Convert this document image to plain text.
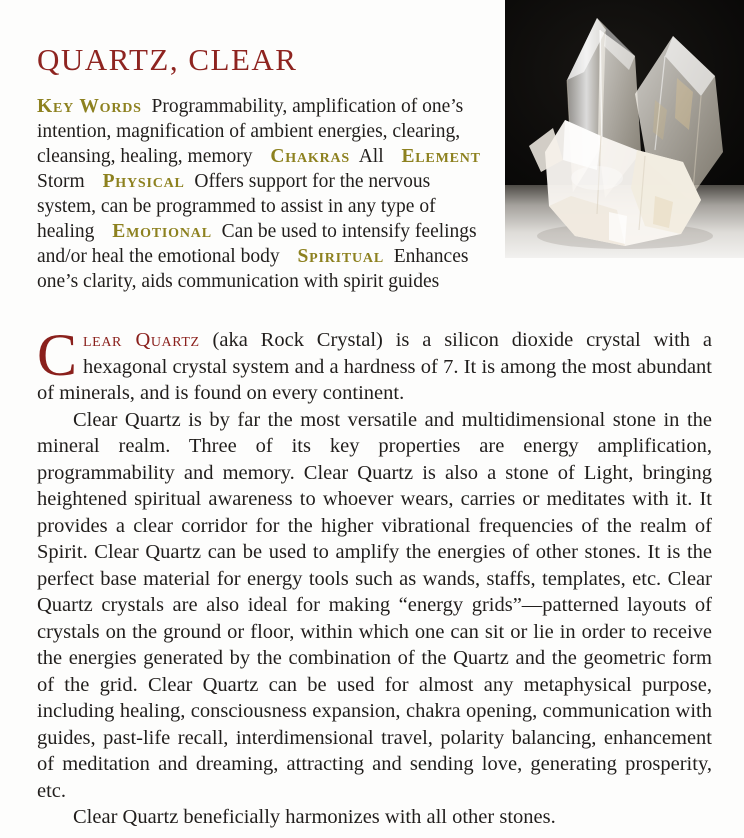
QUARTZ, CLEAR

Key Words Programmability, amplification of one’s intention, magnification of ambient energies, clearing, cleansing, healing, memory Chakras All Element  Storm Physical Offers support for the nervous system, can be programmed to assist in any type of healing Emotional Can be used to intensify feelings and/or heal the emotional body Spiritual Enhances one’s clarity, aids communication with spirit guides

Clear Quartz (aka Rock Crystal) is a silicon dioxide crystal with a hexagonal crystal system and a hardness of 7. It is among the most abundant of minerals, and is found on every continent.

Clear Quartz is by far the most versatile and multidimensional stone in the mineral realm. Three of its key properties are energy amplification, programmability and memory. Clear Quartz is also a stone of Light, bringing heightened spiritual awareness to whoever wears, carries or meditates with it. It provides a clear corridor for the higher vibrational frequencies of the realm of Spirit. Clear Quartz can be used to amplify the energies of other stones. It is the perfect base material for energy tools such as wands, staffs, templates, etc. Clear Quartz crystals are also ideal for making “energy grids”—patterned layouts of crystals on the ground or floor, within which one can sit or lie in order to receive the energies generated by the combination of the Quartz and the geometric form of the grid. Clear Quartz can be used for almost any metaphysical purpose, including healing, consciousness expansion, chakra opening, communication with guides, past-life recall, interdimensional travel, polarity balancing, enhancement of meditation and dreaming, attracting and sending love, generating prosperity, etc.

Clear Quartz beneficially harmonizes with all other stones.
